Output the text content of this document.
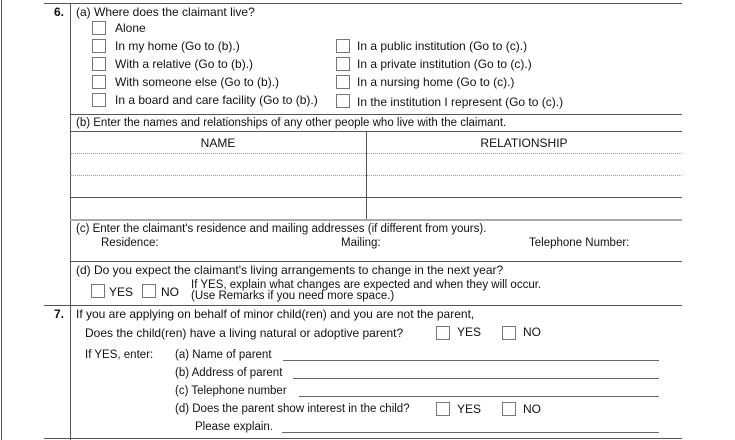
6. (a) Where does the claimant live?
Alone
In my home (Go to (b).)
With a relative (Go to (b).)
With someone else (Go to (b).)
In a board and care facility (Go to (b).)
In a public institution (Go to (c).)
In a private institution (Go to (c).)
In a nursing home (Go to (c).)
In the institution I represent (Go to (c).)
(b) Enter the names and relationships of any other people who live with the claimant.
NAME	RELATIONSHIP
(c) Enter the claimant's residence and mailing addresses (if different from yours).
Residence:	Mailing:	Telephone Number:
(d) Do you expect the claimant's living arrangements to change in the next year?
YES NO If YES, explain what changes are expected and when they will occur.
(Use Remarks if you need more space.)
7. If you are applying on behalf of minor child(ren) and you are not the parent,
Does the child(ren) have a living natural or adoptive parent?	YES	NO
If YES, enter: (a) Name of parent
(b) Address of parent
(c) Telephone number
(d) Does the parent show interest in the child?	YES	NO
Please explain.
